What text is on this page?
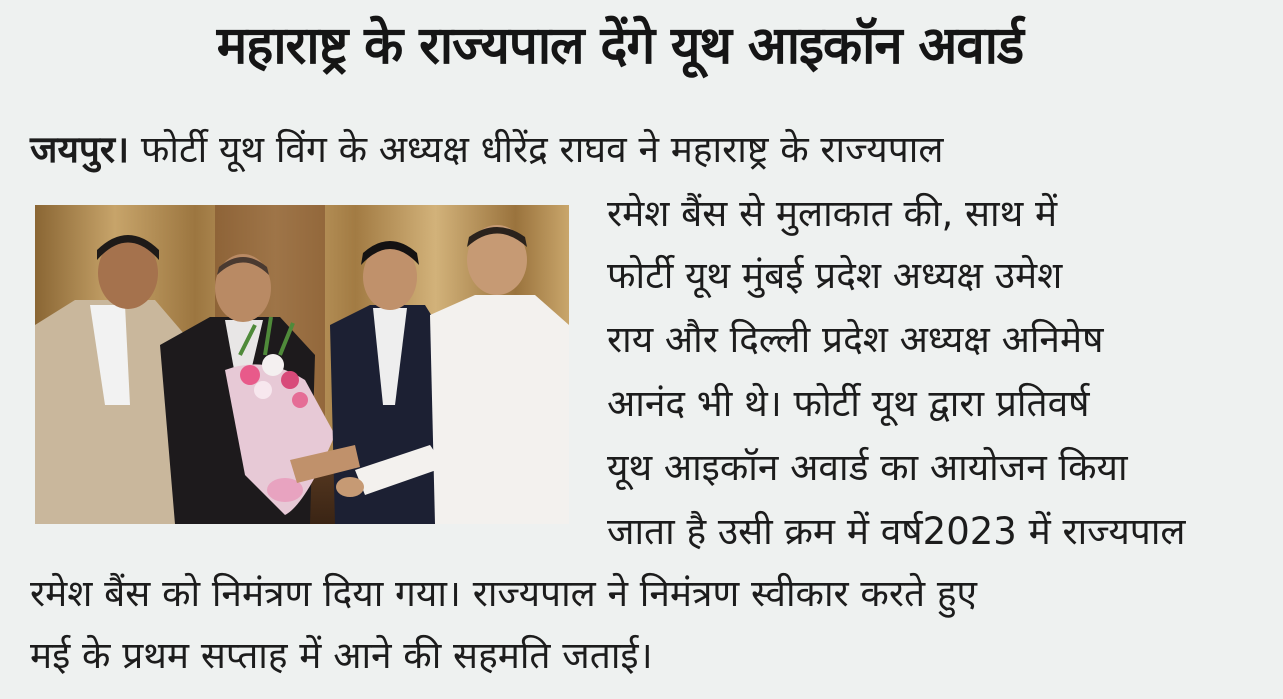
महाराष्ट्र के राज्यपाल देंगे यूथ आइकॉन अवार्ड
जयपुर। फोर्टी यूथ विंग के अध्यक्ष धीरेंद्र राघव ने महाराष्ट्र के राज्यपाल
रमेश बैंस से मुलाकात की, साथ में
फोर्टी यूथ मुंबई प्रदेश अध्यक्ष उमेश
राय और दिल्ली प्रदेश अध्यक्ष अनिमेष
आनंद भी थे। फोर्टी यूथ द्वारा प्रतिवर्ष
यूथ आइकॉन अवार्ड का आयोजन किया
जाता है उसी क्रम में वर्ष2023 में राज्यपाल
रमेश बैंस को निमंत्रण दिया गया। राज्यपाल ने निमंत्रण स्वीकार करते हुए
मई के प्रथम सप्ताह में आने की सहमति जताई।
